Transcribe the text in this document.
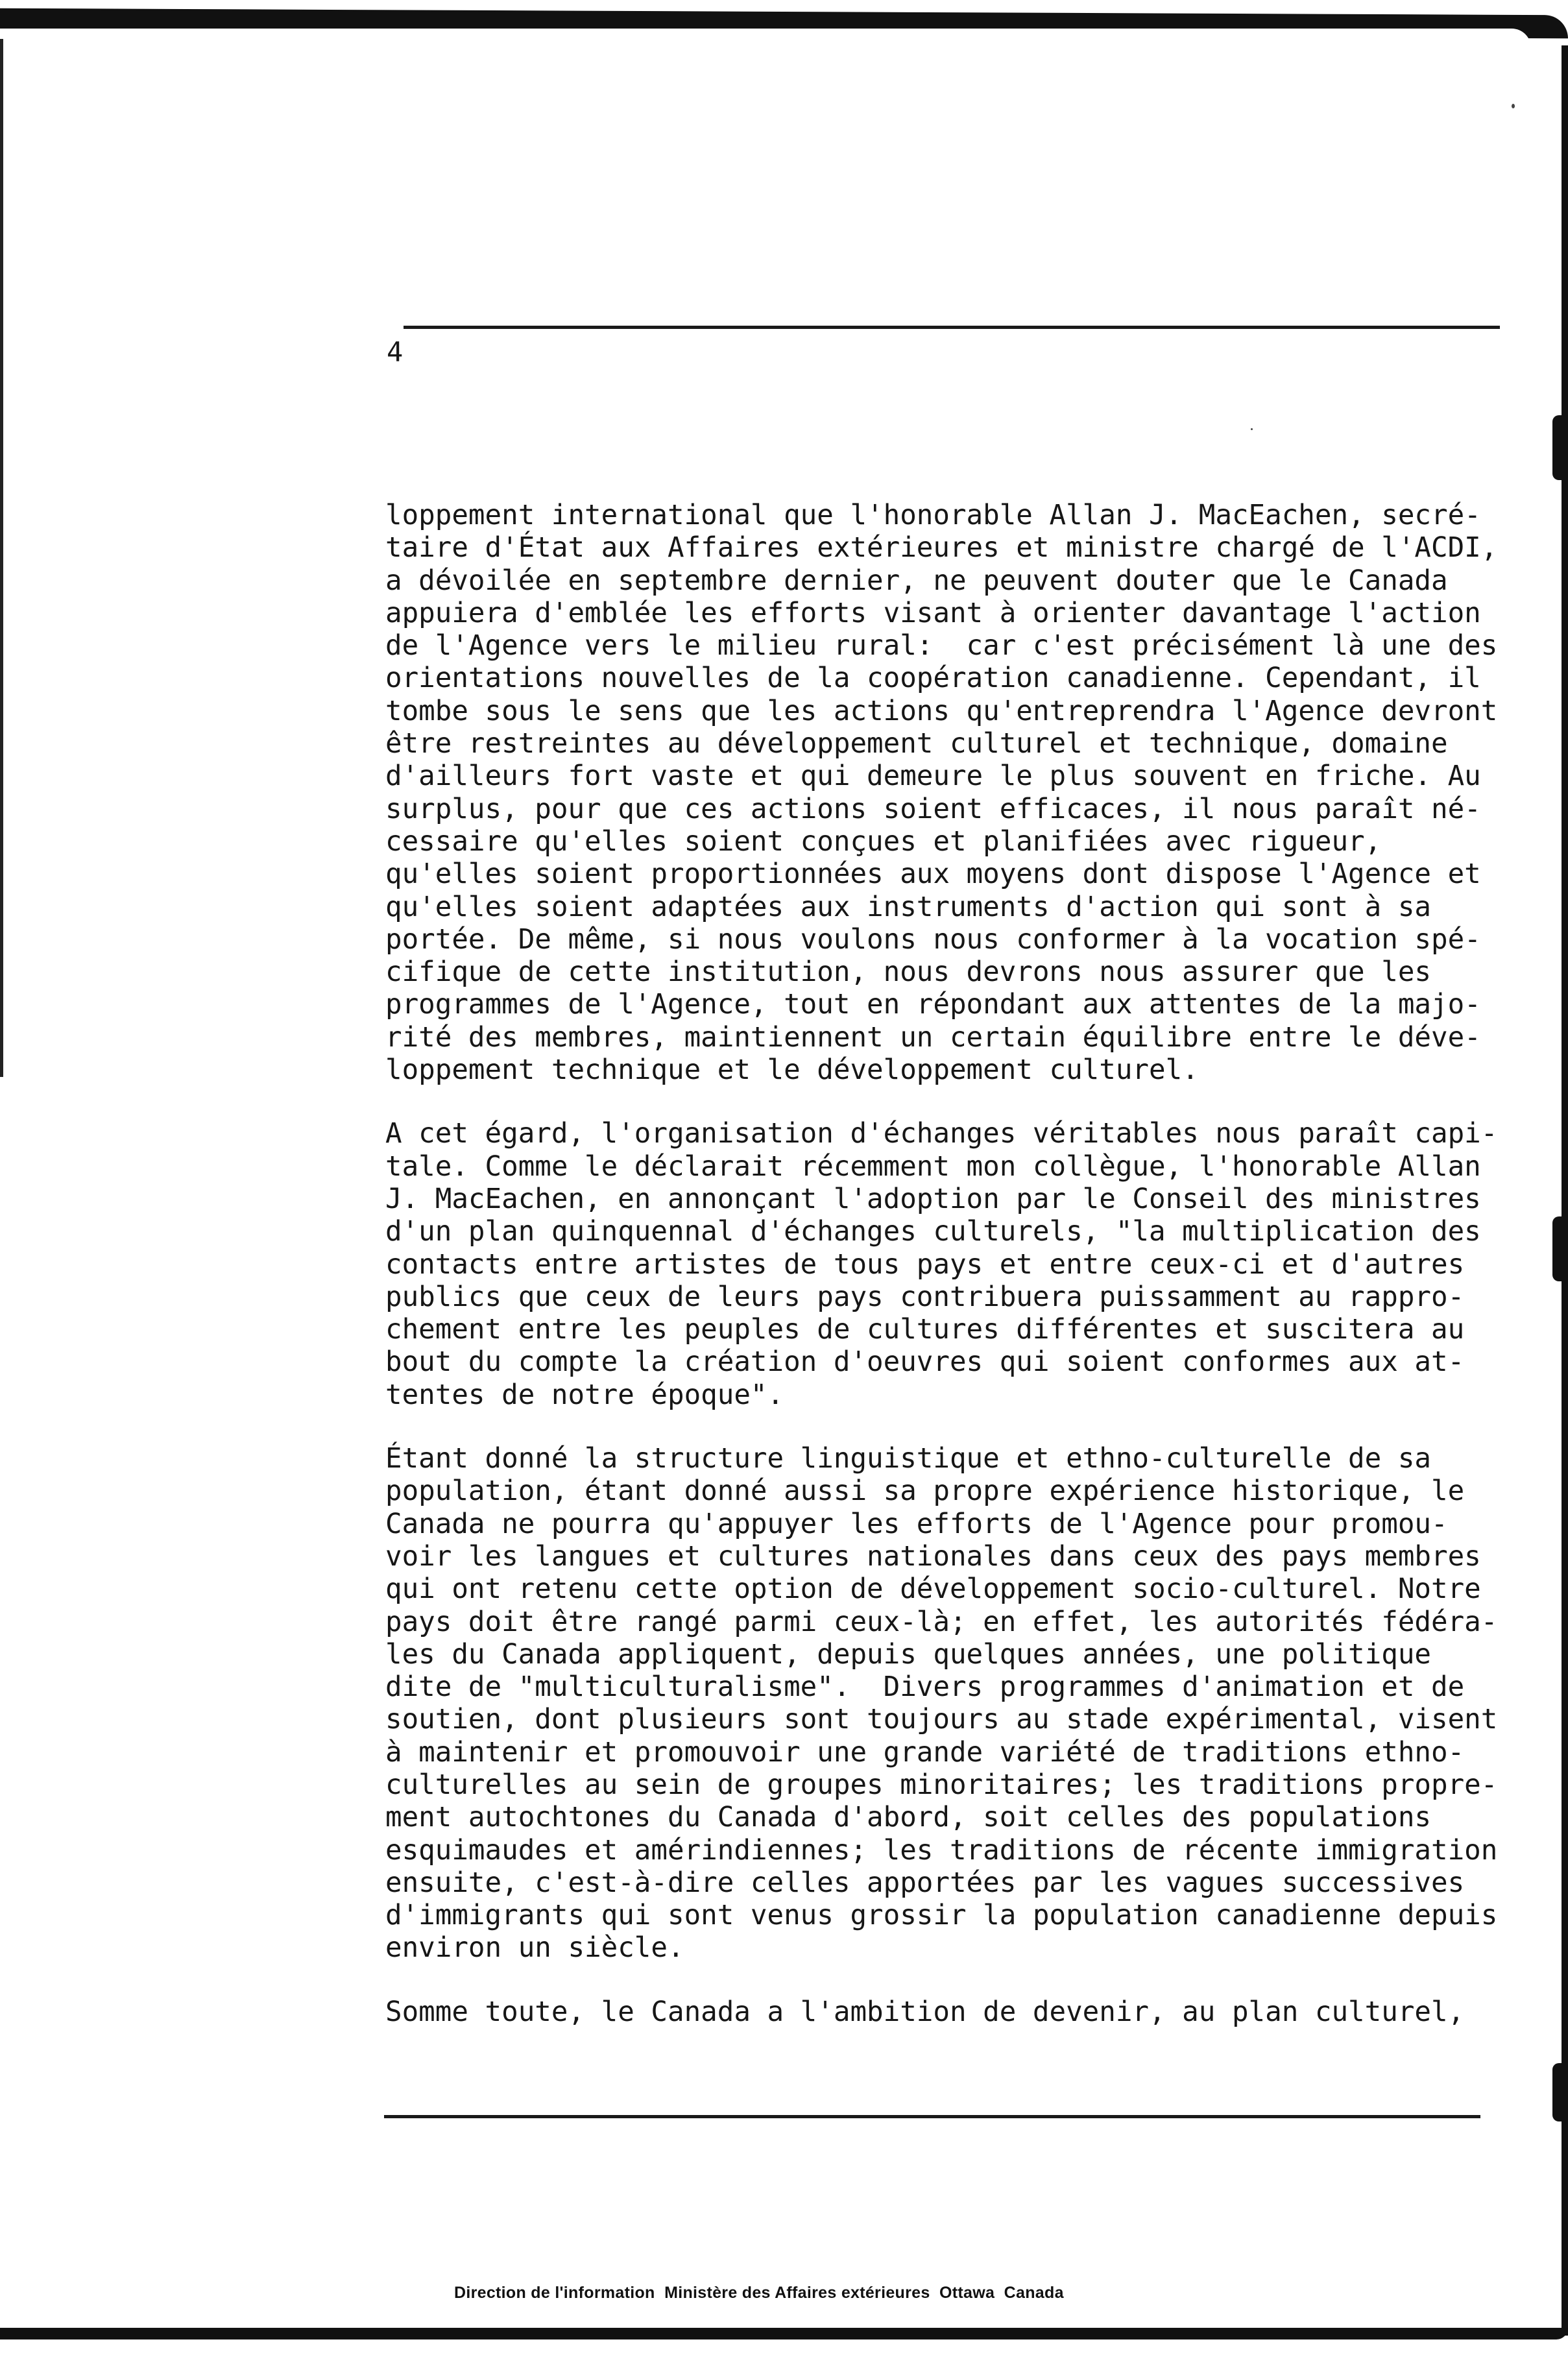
4
loppement international que l'honorable Allan J. MacEachen, secré-
taire d'État aux Affaires extérieures et ministre chargé de l'ACDI,
a dévoilée en septembre dernier, ne peuvent douter que le Canada
appuiera d'emblée les efforts visant à orienter davantage l'action
de l'Agence vers le milieu rural:  car c'est précisément là une des
orientations nouvelles de la coopération canadienne. Cependant, il
tombe sous le sens que les actions qu'entreprendra l'Agence devront
être restreintes au développement culturel et technique, domaine
d'ailleurs fort vaste et qui demeure le plus souvent en friche. Au
surplus, pour que ces actions soient efficaces, il nous paraît né-
cessaire qu'elles soient conçues et planifiées avec rigueur,
qu'elles soient proportionnées aux moyens dont dispose l'Agence et
qu'elles soient adaptées aux instruments d'action qui sont à sa
portée. De même, si nous voulons nous conformer à la vocation spé-
cifique de cette institution, nous devrons nous assurer que les
programmes de l'Agence, tout en répondant aux attentes de la majo-
rité des membres, maintiennent un certain équilibre entre le déve-
loppement technique et le développement culturel.
A cet égard, l'organisation d'échanges véritables nous paraît capi-
tale. Comme le déclarait récemment mon collègue, l'honorable Allan
J. MacEachen, en annonçant l'adoption par le Conseil des ministres
d'un plan quinquennal d'échanges culturels, "la multiplication des
contacts entre artistes de tous pays et entre ceux-ci et d'autres
publics que ceux de leurs pays contribuera puissamment au rappro-
chement entre les peuples de cultures différentes et suscitera au
bout du compte la création d'oeuvres qui soient conformes aux at-
tentes de notre époque".
Étant donné la structure linguistique et ethno-culturelle de sa
population, étant donné aussi sa propre expérience historique, le
Canada ne pourra qu'appuyer les efforts de l'Agence pour promou-
voir les langues et cultures nationales dans ceux des pays membres
qui ont retenu cette option de développement socio-culturel. Notre
pays doit être rangé parmi ceux-là; en effet, les autorités fédéra-
les du Canada appliquent, depuis quelques années, une politique
dite de "multiculturalisme".  Divers programmes d'animation et de
soutien, dont plusieurs sont toujours au stade expérimental, visent
à maintenir et promouvoir une grande variété de traditions ethno-
culturelles au sein de groupes minoritaires; les traditions propre-
ment autochtones du Canada d'abord, soit celles des populations
esquimaudes et amérindiennes; les traditions de récente immigration
ensuite, c'est-à-dire celles apportées par les vagues successives
d'immigrants qui sont venus grossir la population canadienne depuis
environ un siècle.
Somme toute, le Canada a l'ambition de devenir, au plan culturel,
Direction de l'information  Ministère des Affaires extérieures  Ottawa  Canada
